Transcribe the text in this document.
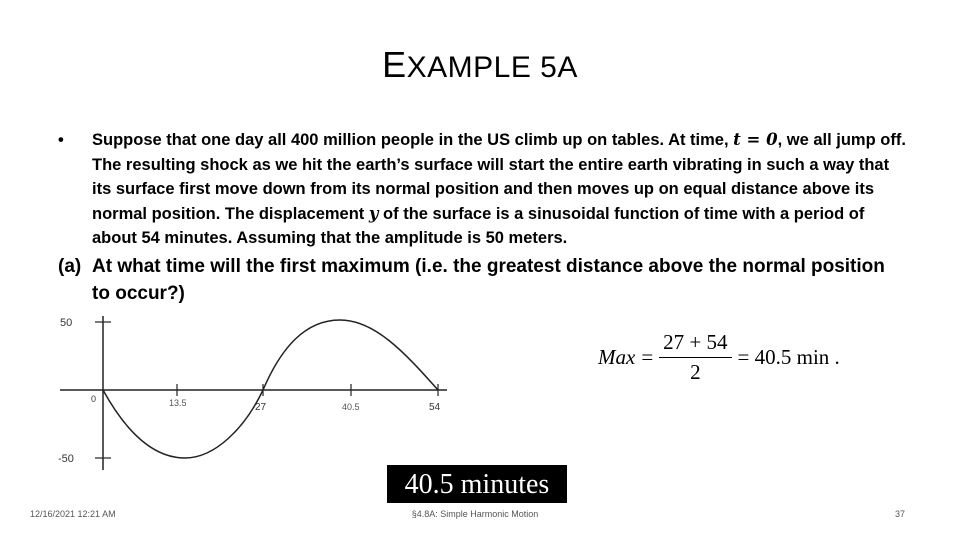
EXAMPLE 5A

• Suppose that one day all 400 million people in the US climb up on tables. At time, t = 0, we all jump off. The resulting shock as we hit the earth’s surface will start the entire earth vibrating in such a way that its surface first move down from its normal position and then moves up on equal distance above its normal position. The displacement y of the surface is a sinusoidal function of time with a period of about 54 minutes. Assuming that the amplitude is 50 meters.

(a) At what time will the first maximum (i.e. the greatest distance above the normal position to occur?)

50
-50
0	13.5	27	40.5	54
Max = $\frac{27 + 54}{2} = 40.5$ min .
40.5 minutes
12/16/2021 12:21 AM	§4.8A: Simple Harmonic Motion	37
